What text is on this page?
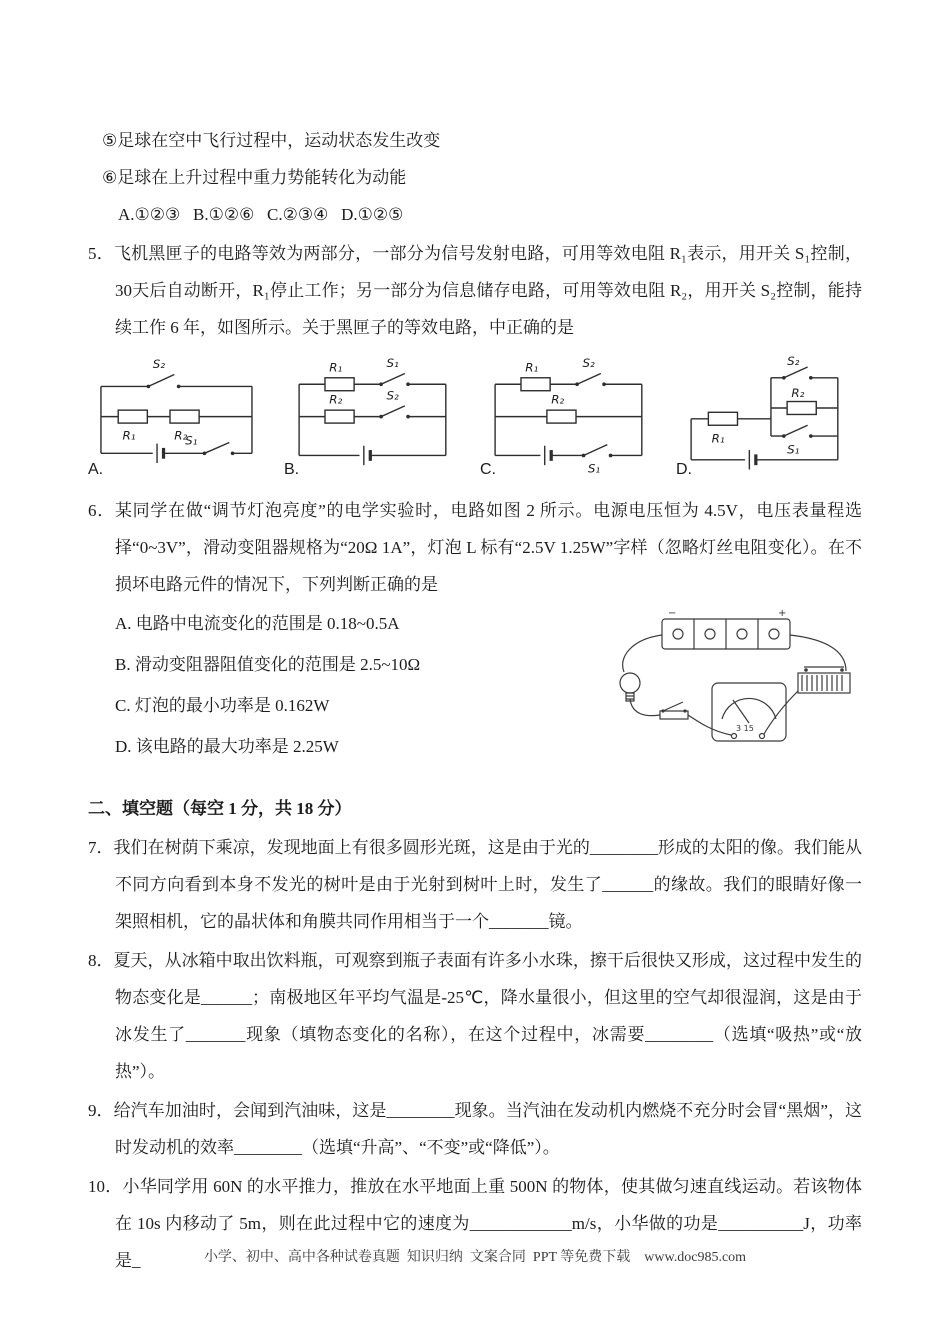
⑤足球在空中飞行过程中，运动状态发生改变

⑥足球在上升过程中重力势能转化为动能

A.①②③   B.①②⑥   C.②③④   D.①②⑤

5．飞机黑匣子的电路等效为两部分，一部分为信号发射电路，可用等效电阻 R₁表示，用开关 S₁控制，30天后自动断开，R₁停止工作；另一部分为信息储存电路，可用等效电阻 R₂，用开关 S₂控制，能持续工作 6 年，如图所示。关于黑匣子的等效电路，中正确的是

S₂
R₁	R₂
S₁
A.
R₁	S₁
R₂	S₂
B.
R₁	S₂
R₂
S₁
C.
S₂
R₂
S₁
R₁
D.

6．某同学在做“调节灯泡亮度”的电学实验时，电路如图 2 所示。电源电压恒为 4.5V，电压表量程选择“0~3V”，滑动变阻器规格为“20Ω 1A”，灯泡 L 标有“2.5V 1.25W”字样（忽略灯丝电阻变化）。在不损坏电路元件的情况下，下列判断正确的是

A. 电路中电流变化的范围是 0.18~0.5A

B. 滑动变阻器阻值变化的范围是 2.5~10Ω

C. 灯泡的最小功率是 0.162W

D. 该电路的最大功率是 2.25W

−	+
3 15
二、填空题（每空 1 分，共 18 分）

7．我们在树荫下乘凉，发现地面上有很多圆形光斑，这是由于光的________形成的太阳的像。我们能从不同方向看到本身不发光的树叶是由于光射到树叶上时，发生了______的缘故。我们的眼睛好像一架照相机，它的晶状体和角膜共同作用相当于一个_______镜。

8．夏天，从冰箱中取出饮料瓶，可观察到瓶子表面有许多小水珠，擦干后很快又形成，这过程中发生的物态变化是______；南极地区年平均气温是-25℃，降水量很小，但这里的空气却很湿润，这是由于冰发生了_______现象（填物态变化的名称），在这个过程中，冰需要________（选填“吸热”或“放热”）。

9．给汽车加油时，会闻到汽油味，这是________现象。当汽油在发动机内燃烧不充分时会冒“黑烟”，这时发动机的效率________（选填“升高”、“不变”或“降低”）。

10．小华同学用 60N 的水平推力，推放在水平地面上重 500N 的物体，使其做匀速直线运动。若该物体在 10s 内移动了 5m，则在此过程中它的速度为____________m/s，小华做的功是__________J，功率是_	小学、初中、高中各种试卷真题  知识归纳  文案合同  PPT 等免费下载    www.doc985.com
